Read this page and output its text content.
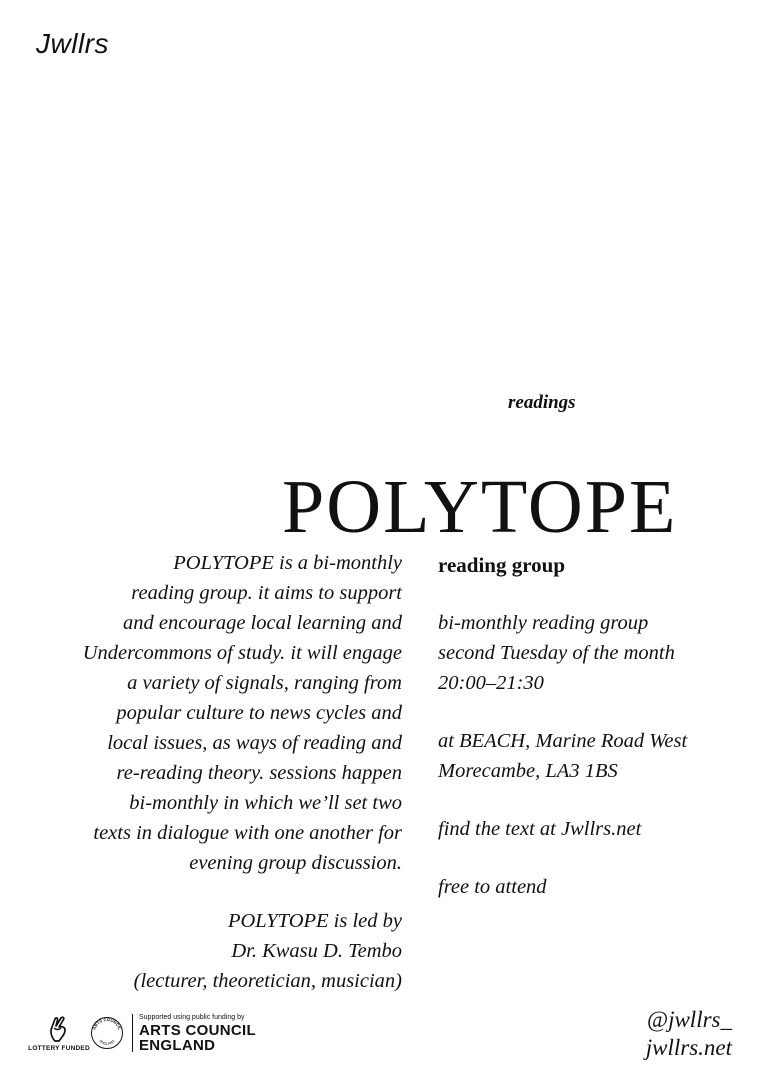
Jwllrs
readings
POLYTOPE

POLYTOPE is a bi-monthly
reading group. it aims to support
and encourage local learning and
Undercommons of study. it will engage
a variety of signals, ranging from
popular culture to news cycles and
local issues, as ways of reading and
re-reading theory. sessions happen
bi-monthly in which we’ll set two
texts in dialogue with one another for
evening group discussion.

POLYTOPE is led by
Dr. Kwasu D. Tembo
(lecturer, theoretician, musician)

reading group
bi-monthly reading group
second Tuesday of the month
20:00–21:30
at BEACH, Marine Road West
Morecambe, LA3 1BS
find the text at Jwllrs.net
free to attend
LOTTERY FUNDED
ARTS COUNCIL
ENGLAND
Supported using public funding by
ARTS COUNCIL
ENGLAND
@jwllrs_
jwllrs.net
